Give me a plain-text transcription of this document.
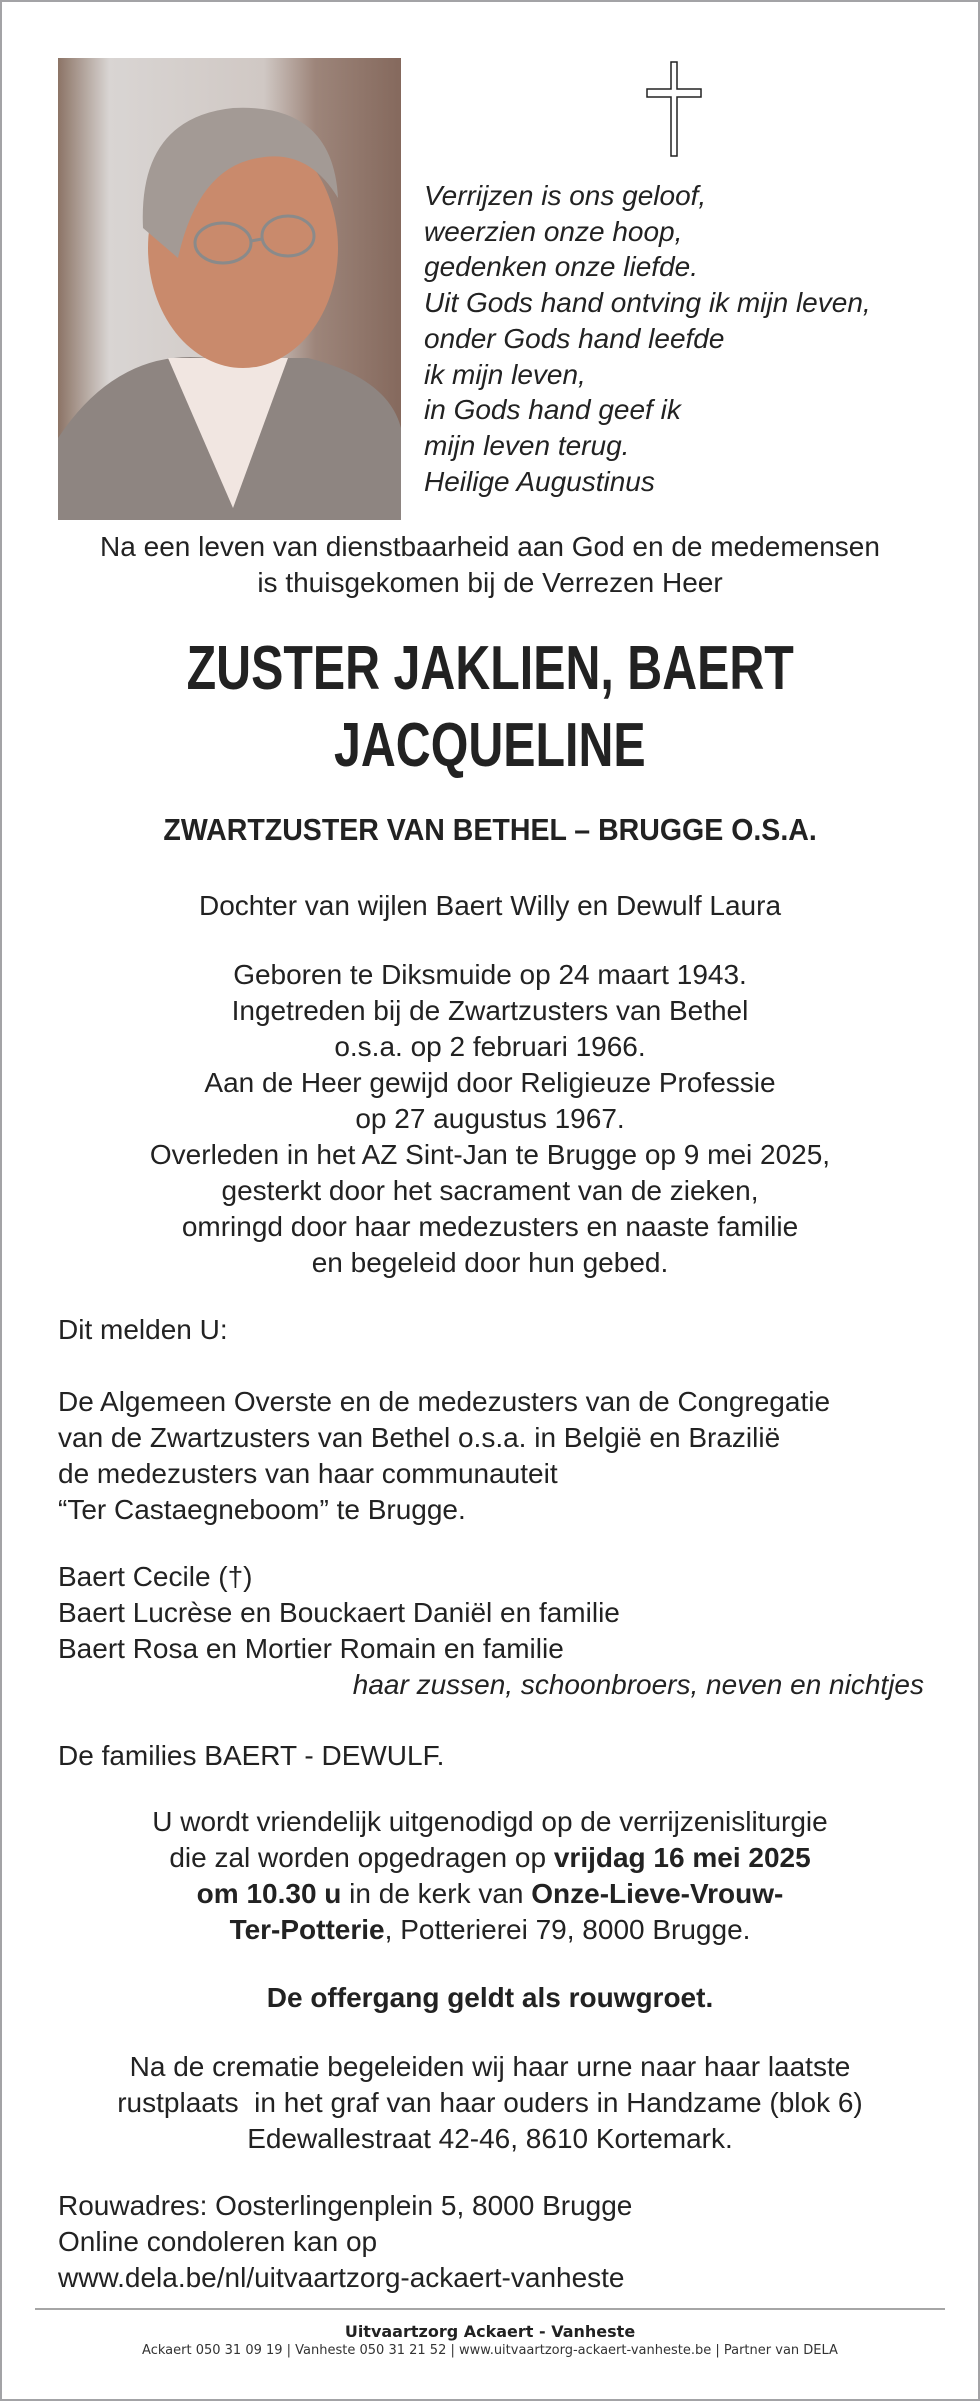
Verrijzen is ons geloof,
weerzien onze hoop,
gedenken onze liefde.
Uit Gods hand ontving ik mijn leven,
onder Gods hand leefde
ik mijn leven,
in Gods hand geef ik
mijn leven terug.
Heilige Augustinus
Na een leven van dienstbaarheid aan God en de medemensen
is thuisgekomen bij de Verrezen Heer
ZUSTER JAKLIEN, BAERT
JACQUELINE
ZWARTZUSTER VAN BETHEL – BRUGGE O.S.A.
Dochter van wijlen Baert Willy en Dewulf Laura
Geboren te Diksmuide op 24 maart 1943.
Ingetreden bij de Zwartzusters van Bethel
o.s.a. op 2 februari 1966.
Aan de Heer gewijd door Religieuze Professie
op 27 augustus 1967.
Overleden in het AZ Sint-Jan te Brugge op 9 mei 2025,
gesterkt door het sacrament van de zieken,
omringd door haar medezusters en naaste familie
en begeleid door hun gebed.
Dit melden U:
De Algemeen Overste en de medezusters van de Congregatie
van de Zwartzusters van Bethel o.s.a. in België en Brazilië
de medezusters van haar communauteit
“Ter Castaegneboom” te Brugge.
Baert Cecile (†)
Baert Lucrèse en Bouckaert Daniël en familie
Baert Rosa en Mortier Romain en familie
haar zussen, schoonbroers, neven en nichtjes
De families BAERT - DEWULF.
U wordt vriendelijk uitgenodigd op de verrijzenisliturgie
die zal worden opgedragen op vrijdag 16 mei 2025
om 10.30 u in de kerk van Onze-Lieve-Vrouw-
Ter-Potterie, Potterierei 79, 8000 Brugge.
De offergang geldt als rouwgroet.
Na de crematie begeleiden wij haar urne naar haar laatste
rustplaats  in het graf van haar ouders in Handzame (blok 6)
Edewallestraat 42-46, 8610 Kortemark.
Rouwadres: Oosterlingenplein 5, 8000 Brugge
Online condoleren kan op
www.dela.be/nl/uitvaartzorg-ackaert-vanheste
Uitvaartzorg Ackaert - Vanheste
Ackaert 050 31 09 19 | Vanheste 050 31 21 52 | www.uitvaartzorg-ackaert-vanheste.be | Partner van DELA
